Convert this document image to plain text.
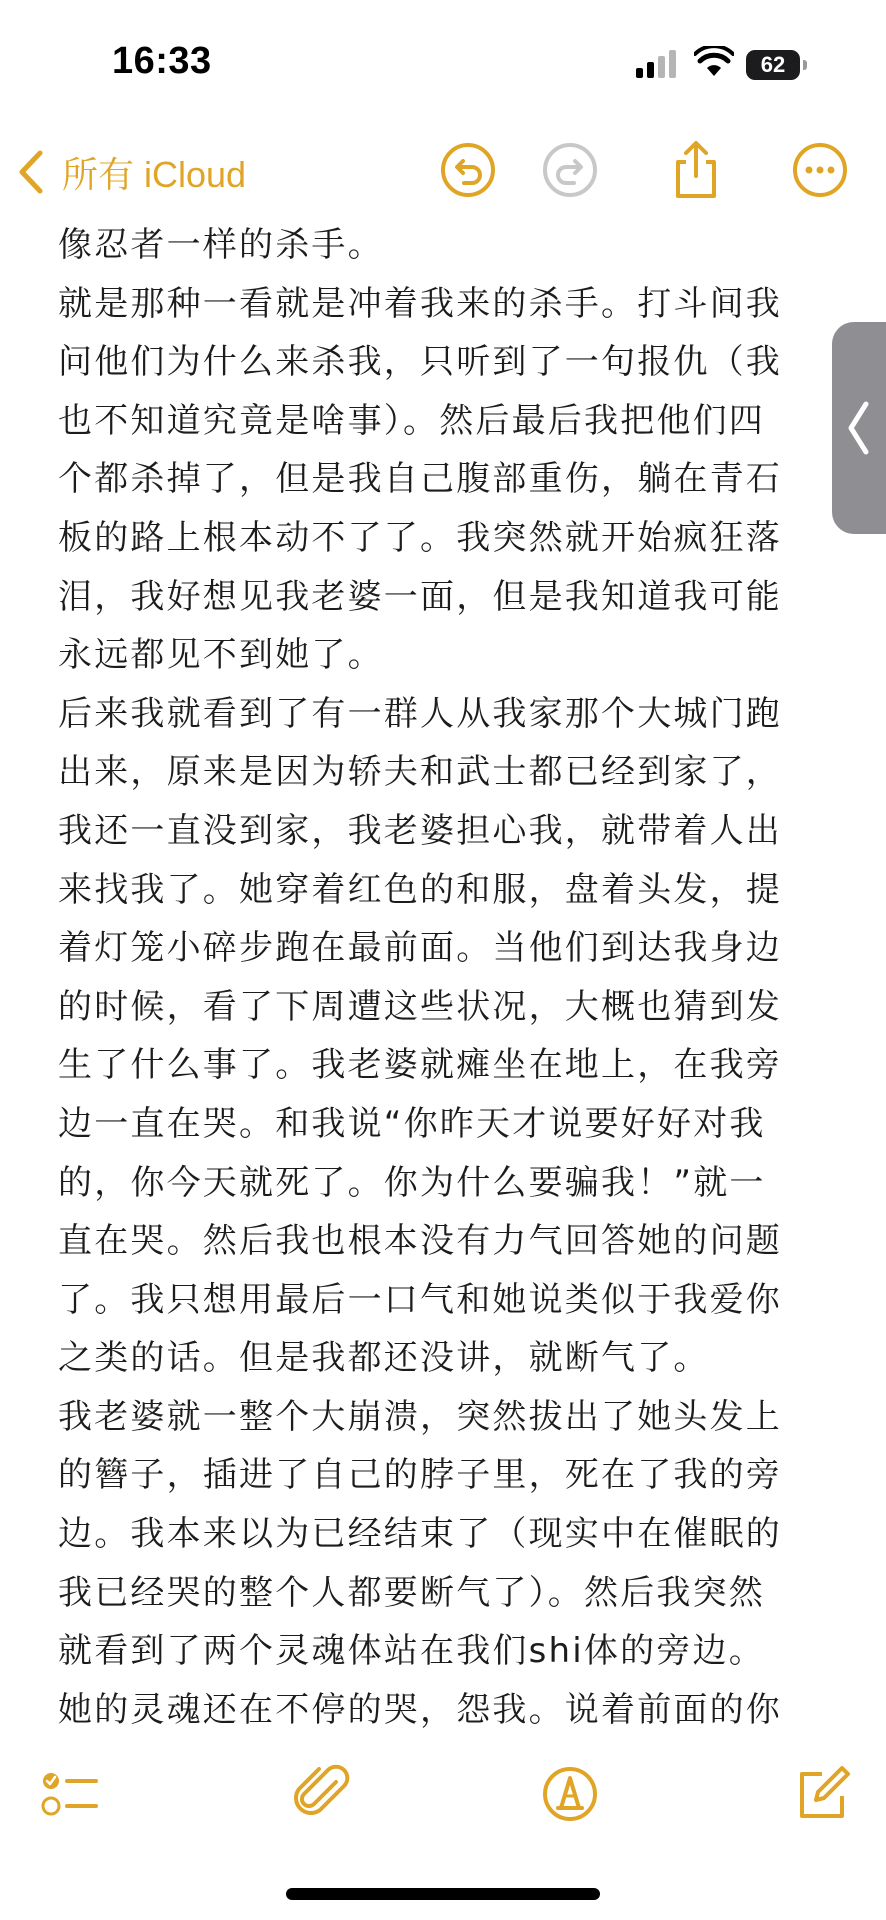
16:33	62
所有 iCloud
像忍者一样的杀手。
就是那种一看就是冲着我来的杀手。打斗间我
问他们为什么来杀我，只听到了一句报仇（我
也不知道究竟是啥事）。然后最后我把他们四
个都杀掉了，但是我自己腹部重伤，躺在青石
板的路上根本动不了了。我突然就开始疯狂落
泪，我好想见我老婆一面，但是我知道我可能
永远都见不到她了。
后来我就看到了有一群人从我家那个大城门跑
出来，原来是因为轿夫和武士都已经到家了，
我还一直没到家，我老婆担心我，就带着人出
来找我了。她穿着红色的和服，盘着头发，提
着灯笼小碎步跑在最前面。当他们到达我身边
的时候，看了下周遭这些状况，大概也猜到发
生了什么事了。我老婆就瘫坐在地上，在我旁
边一直在哭。和我说“你昨天才说要好好对我
的，你今天就死了。你为什么要骗我！”就一
直在哭。然后我也根本没有力气回答她的问题
了。我只想用最后一口气和她说类似于我爱你
之类的话。但是我都还没讲，就断气了。
我老婆就一整个大崩溃，突然拔出了她头发上
的簪子，插进了自己的脖子里，死在了我的旁
边。我本来以为已经结束了（现实中在催眠的
我已经哭的整个人都要断气了）。然后我突然
就看到了两个灵魂体站在我们shi体的旁边。
她的灵魂还在不停的哭，怨我。说着前面的你
